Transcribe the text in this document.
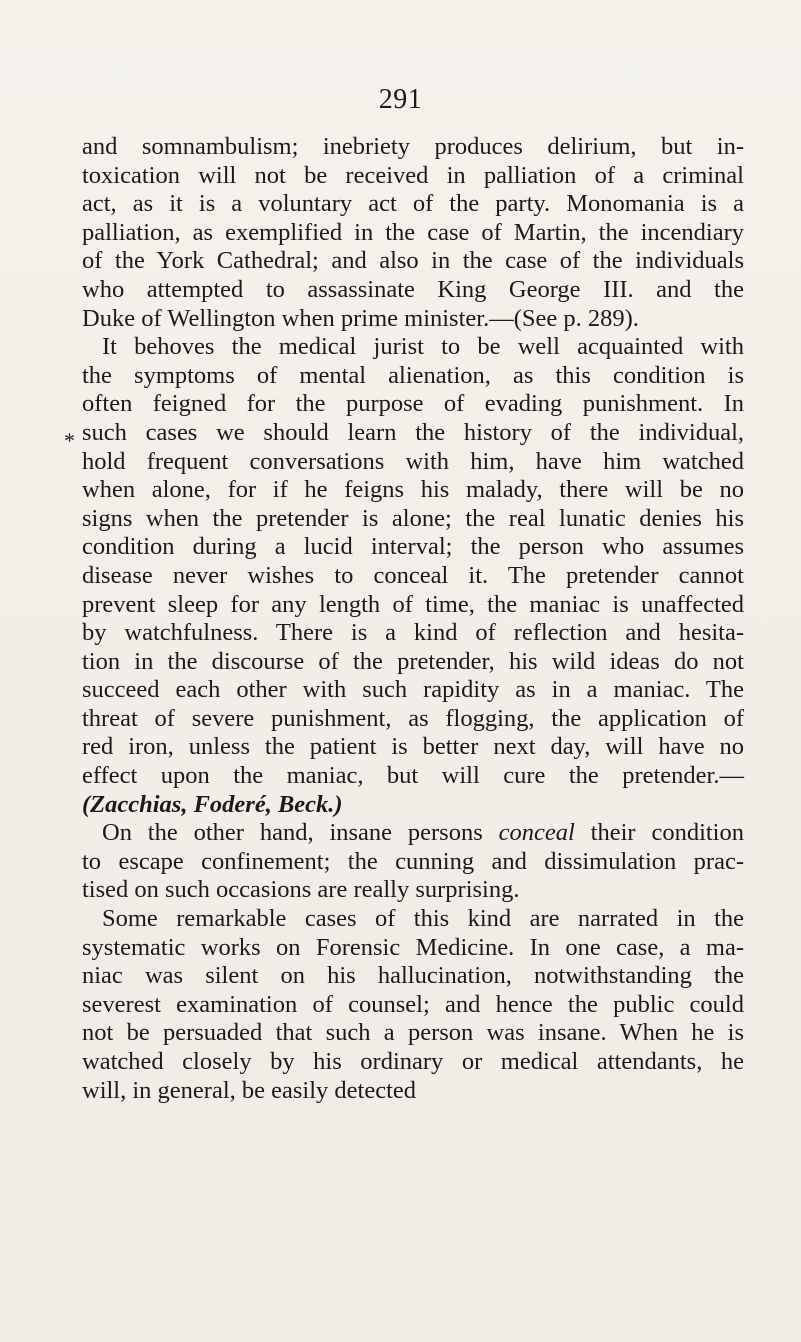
291
*
and somnambulism; inebriety produces delirium, but in-
toxication will not be received in palliation of a criminal
act, as it is a voluntary act of the party. Monomania is a
palliation, as exemplified in the case of Martin, the incendiary
of the York Cathedral; and also in the case of the individuals
who attempted to assassinate King George III. and the
Duke of Wellington when prime minister.—(See p. 289).
It behoves the medical jurist to be well acquainted with
the symptoms of mental alienation, as this condition is
often feigned for the purpose of evading punishment. In
such cases we should learn the history of the individual,
hold frequent conversations with him, have him watched
when alone, for if he feigns his malady, there will be no
signs when the pretender is alone; the real lunatic denies his
condition during a lucid interval; the person who assumes
disease never wishes to conceal it. The pretender cannot
prevent sleep for any length of time, the maniac is unaffected
by watchfulness. There is a kind of reflection and hesita-
tion in the discourse of the pretender, his wild ideas do not
succeed each other with such rapidity as in a maniac. The
threat of severe punishment, as flogging, the application of
red iron, unless the patient is better next day, will have no
effect upon the maniac, but will cure the pretender.—
(Zacchias, Foderé, Beck.)
On the other hand, insane persons conceal their condition
to escape confinement; the cunning and dissimulation prac-
tised on such occasions are really surprising.
Some remarkable cases of this kind are narrated in the
systematic works on Forensic Medicine. In one case, a ma-
niac was silent on his hallucination, notwithstanding the
severest examination of counsel; and hence the public could
not be persuaded that such a person was insane. When he is
watched closely by his ordinary or medical attendants, he
will, in general, be easily detected
